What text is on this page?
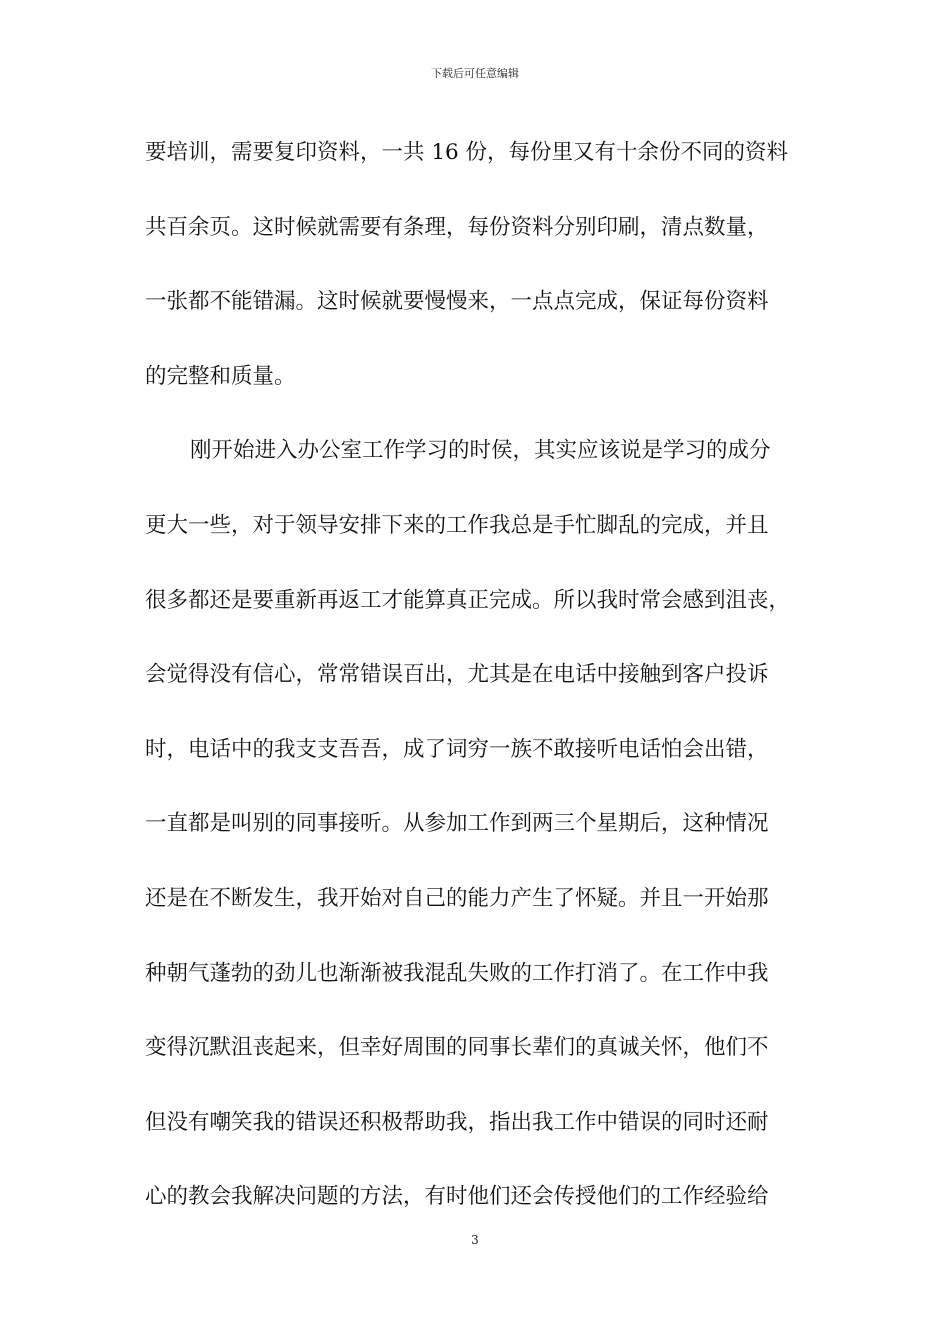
下载后可任意编辑
要培训，需要复印资料，一共 16 份，每份里又有十余份不同的资料
共百余页。这时候就需要有条理，每份资料分别印刷，清点数量，
一张都不能错漏。这时候就要慢慢来，一点点完成，保证每份资料
的完整和质量。
刚开始进入办公室工作学习的时侯，其实应该说是学习的成分
更大一些，对于领导安排下来的工作我总是手忙脚乱的完成，并且
很多都还是要重新再返工才能算真正完成。所以我时常会感到沮丧，
会觉得没有信心，常常错误百出，尤其是在电话中接触到客户投诉
时，电话中的我支支吾吾，成了词穷一族不敢接听电话怕会出错，
一直都是叫别的同事接听。从参加工作到两三个星期后，这种情况
还是在不断发生，我开始对自己的能力产生了怀疑。并且一开始那
种朝气蓬勃的劲儿也渐渐被我混乱失败的工作打消了。在工作中我
变得沉默沮丧起来，但幸好周围的同事长辈们的真诚关怀，他们不
但没有嘲笑我的错误还积极帮助我，指出我工作中错误的同时还耐
心的教会我解决问题的方法，有时他们还会传授他们的工作经验给
3
